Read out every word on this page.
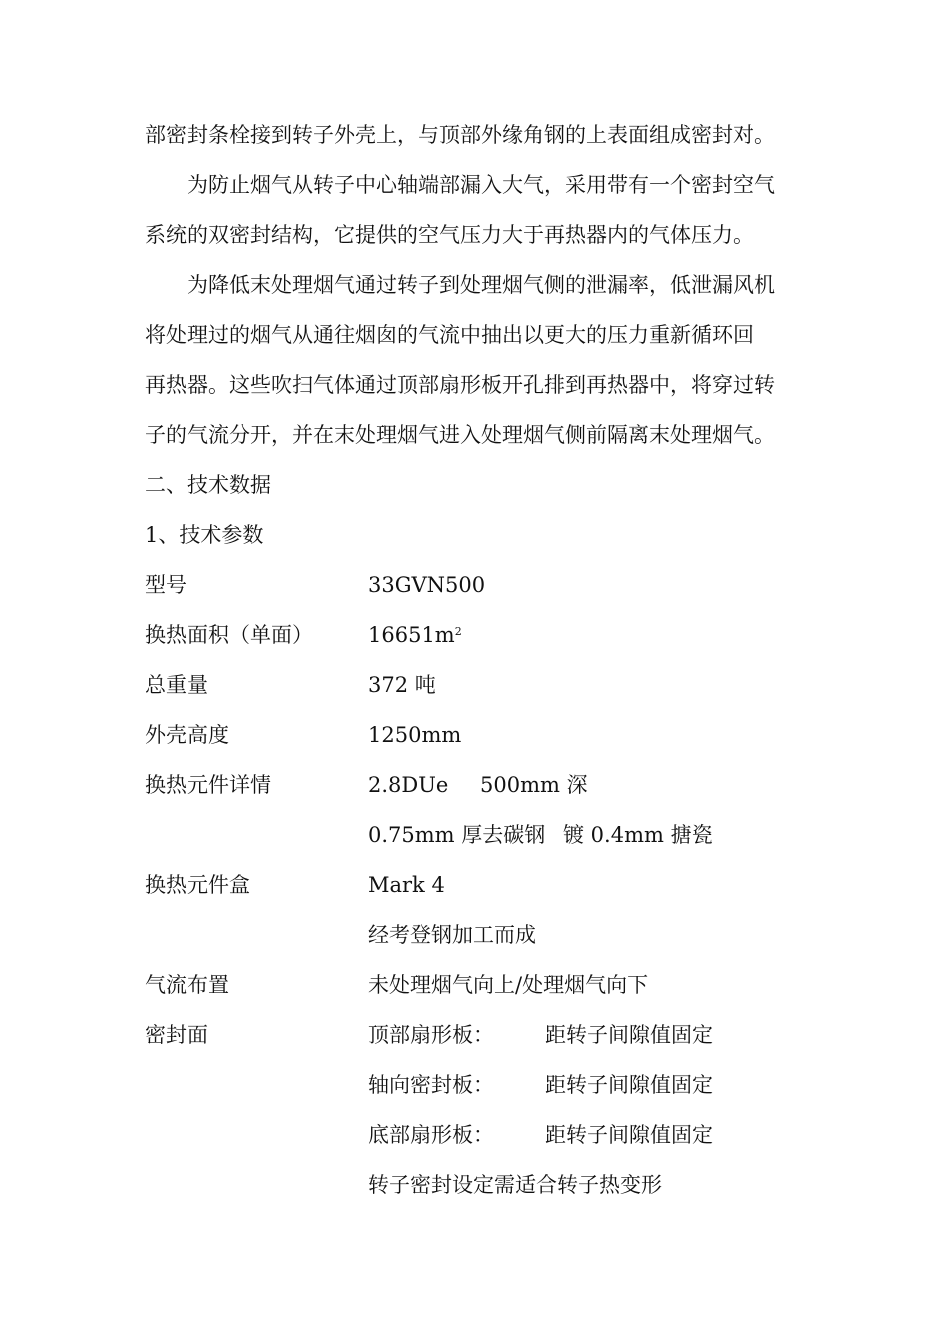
部密封条栓接到转子外壳上，与顶部外缘角钢的上表面组成密封对。
为防止烟气从转子中心轴端部漏入大气，采用带有一个密封空气
系统的双密封结构，它提供的空气压力大于再热器内的气体压力。
为降低末处理烟气通过转子到处理烟气侧的泄漏率，低泄漏风机
将处理过的烟气从通往烟囱的气流中抽出以更大的压力重新循环回
再热器。这些吹扫气体通过顶部扇形板开孔排到再热器中，将穿过转
子的气流分开，并在末处理烟气进入处理烟气侧前隔离末处理烟气。
二、技术数据
1、技术参数
型号	33GVN500
换热面积（单面）	$16651m^2$
总重量	372 吨
外壳高度	1250mm
换热元件详情	2.8DUe 500mm 深
0.75mm 厚去碳钢 镀 0.4mm 搪瓷
换热元件盒	Mark 4
经考登钢加工而成
气流布置	未处理烟气向上/处理烟气向下
密封面	顶部扇形板： 距转子间隙值固定
轴向密封板： 距转子间隙值固定
底部扇形板： 距转子间隙值固定
转子密封设定需适合转子热变形
